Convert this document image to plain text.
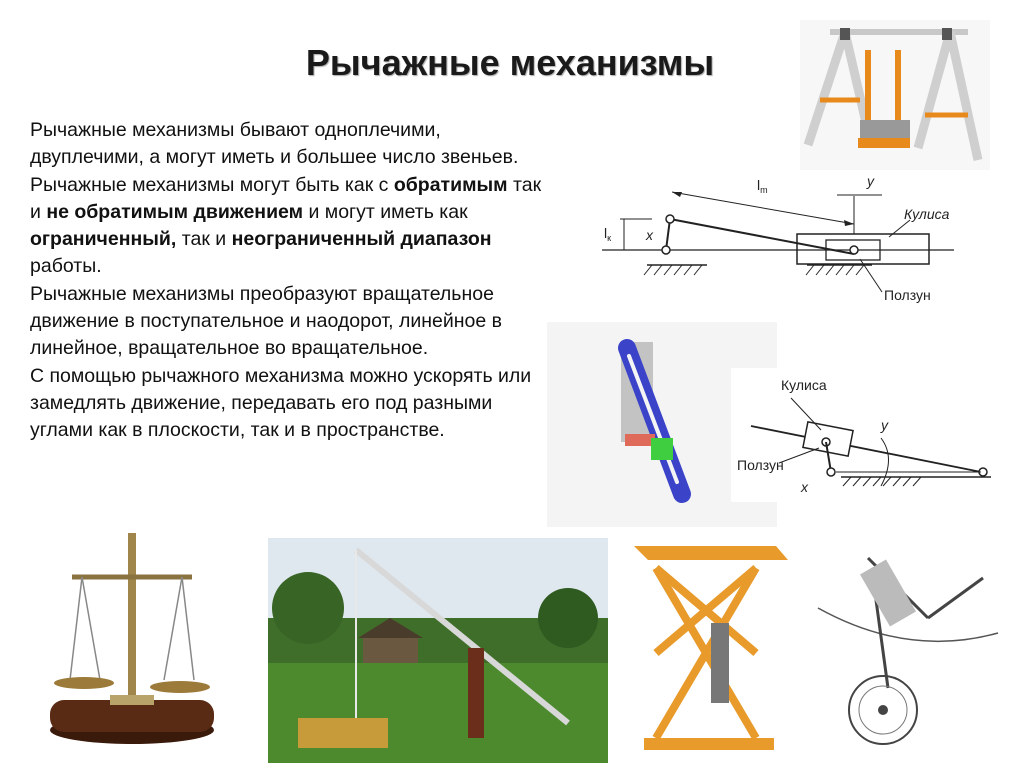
Рычажные механизмы

Рычажные механизмы бывают одноплечими, двуплечими, а могут иметь и большее число звеньев.

Рычажные механизмы могут быть как с обратимым так и не обратимым движением и могут иметь как ограниченный, так и неограниченный диапазон работы.

Рычажные механизмы преобразуют вращательное движение в поступательное и наодорот, линейное в линейное, вращательное во вращательное.

С помощью рычажного механизма можно ускорять или замедлять движение, передавать его под разными углами как в плоскости, так и в пространстве.

$l_m$
$l_к$
y
x
Кулиса
Ползун
Кулиса
Ползун
y
x
